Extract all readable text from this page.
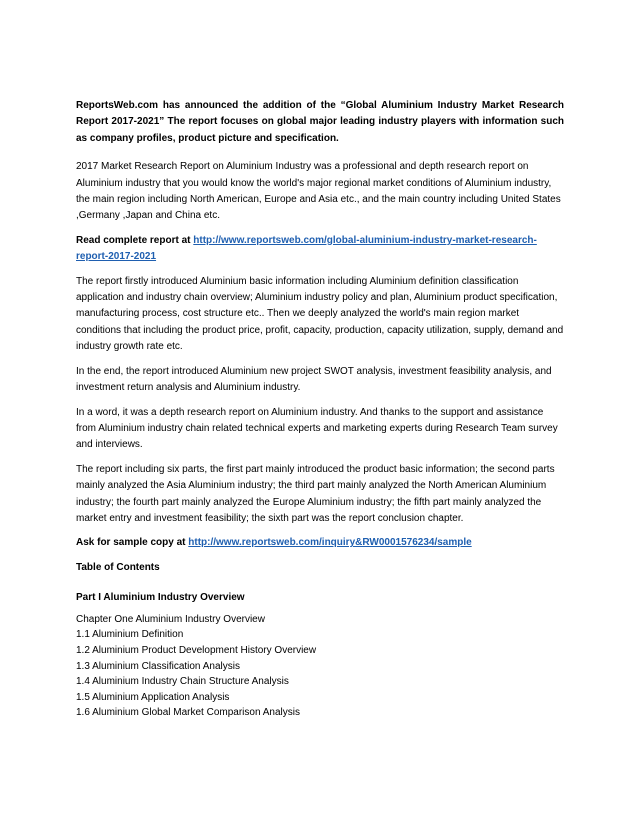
ReportsWeb.com has announced the addition of the “Global Aluminium Industry Market Research Report 2017-2021” The report focuses on global major leading industry players with information such as company profiles, product picture and specification.

2017 Market Research Report on Aluminium Industry was a professional and depth research report on Aluminium industry that you would know the world's major regional market conditions of Aluminium industry, the main region including North American, Europe and Asia etc., and the main country including United States ,Germany ,Japan and China etc.

Read complete report at http://www.reportsweb.com/global-aluminium-industry-market-research-report-2017-2021

The report firstly introduced Aluminium basic information including Aluminium definition classification application and industry chain overview; Aluminium industry policy and plan, Aluminium product specification, manufacturing process, cost structure etc.. Then we deeply analyzed the world's main region market conditions that including the product price, profit, capacity, production, capacity utilization, supply, demand and industry growth rate etc.

In the end, the report introduced Aluminium new project SWOT analysis, investment feasibility analysis, and investment return analysis and Aluminium industry.

In a word, it was a depth research report on Aluminium industry. And thanks to the support and assistance from Aluminium industry chain related technical experts and marketing experts during Research Team survey and interviews.

The report including six parts, the first part mainly introduced the product basic information; the second parts mainly analyzed the Asia Aluminium industry; the third part mainly analyzed the North American Aluminium industry; the fourth part mainly analyzed the Europe Aluminium industry; the fifth part mainly analyzed the market entry and investment feasibility; the sixth part was the report conclusion chapter.

Ask for sample copy at http://www.reportsweb.com/inquiry&RW0001576234/sample

Table of Contents
Part I Aluminium Industry Overview
Chapter One Aluminium Industry Overview
1.1 Aluminium Definition
1.2 Aluminium Product Development History Overview
1.3 Aluminium Classification Analysis
1.4 Aluminium Industry Chain Structure Analysis
1.5 Aluminium Application Analysis
1.6 Aluminium Global Market Comparison Analysis
